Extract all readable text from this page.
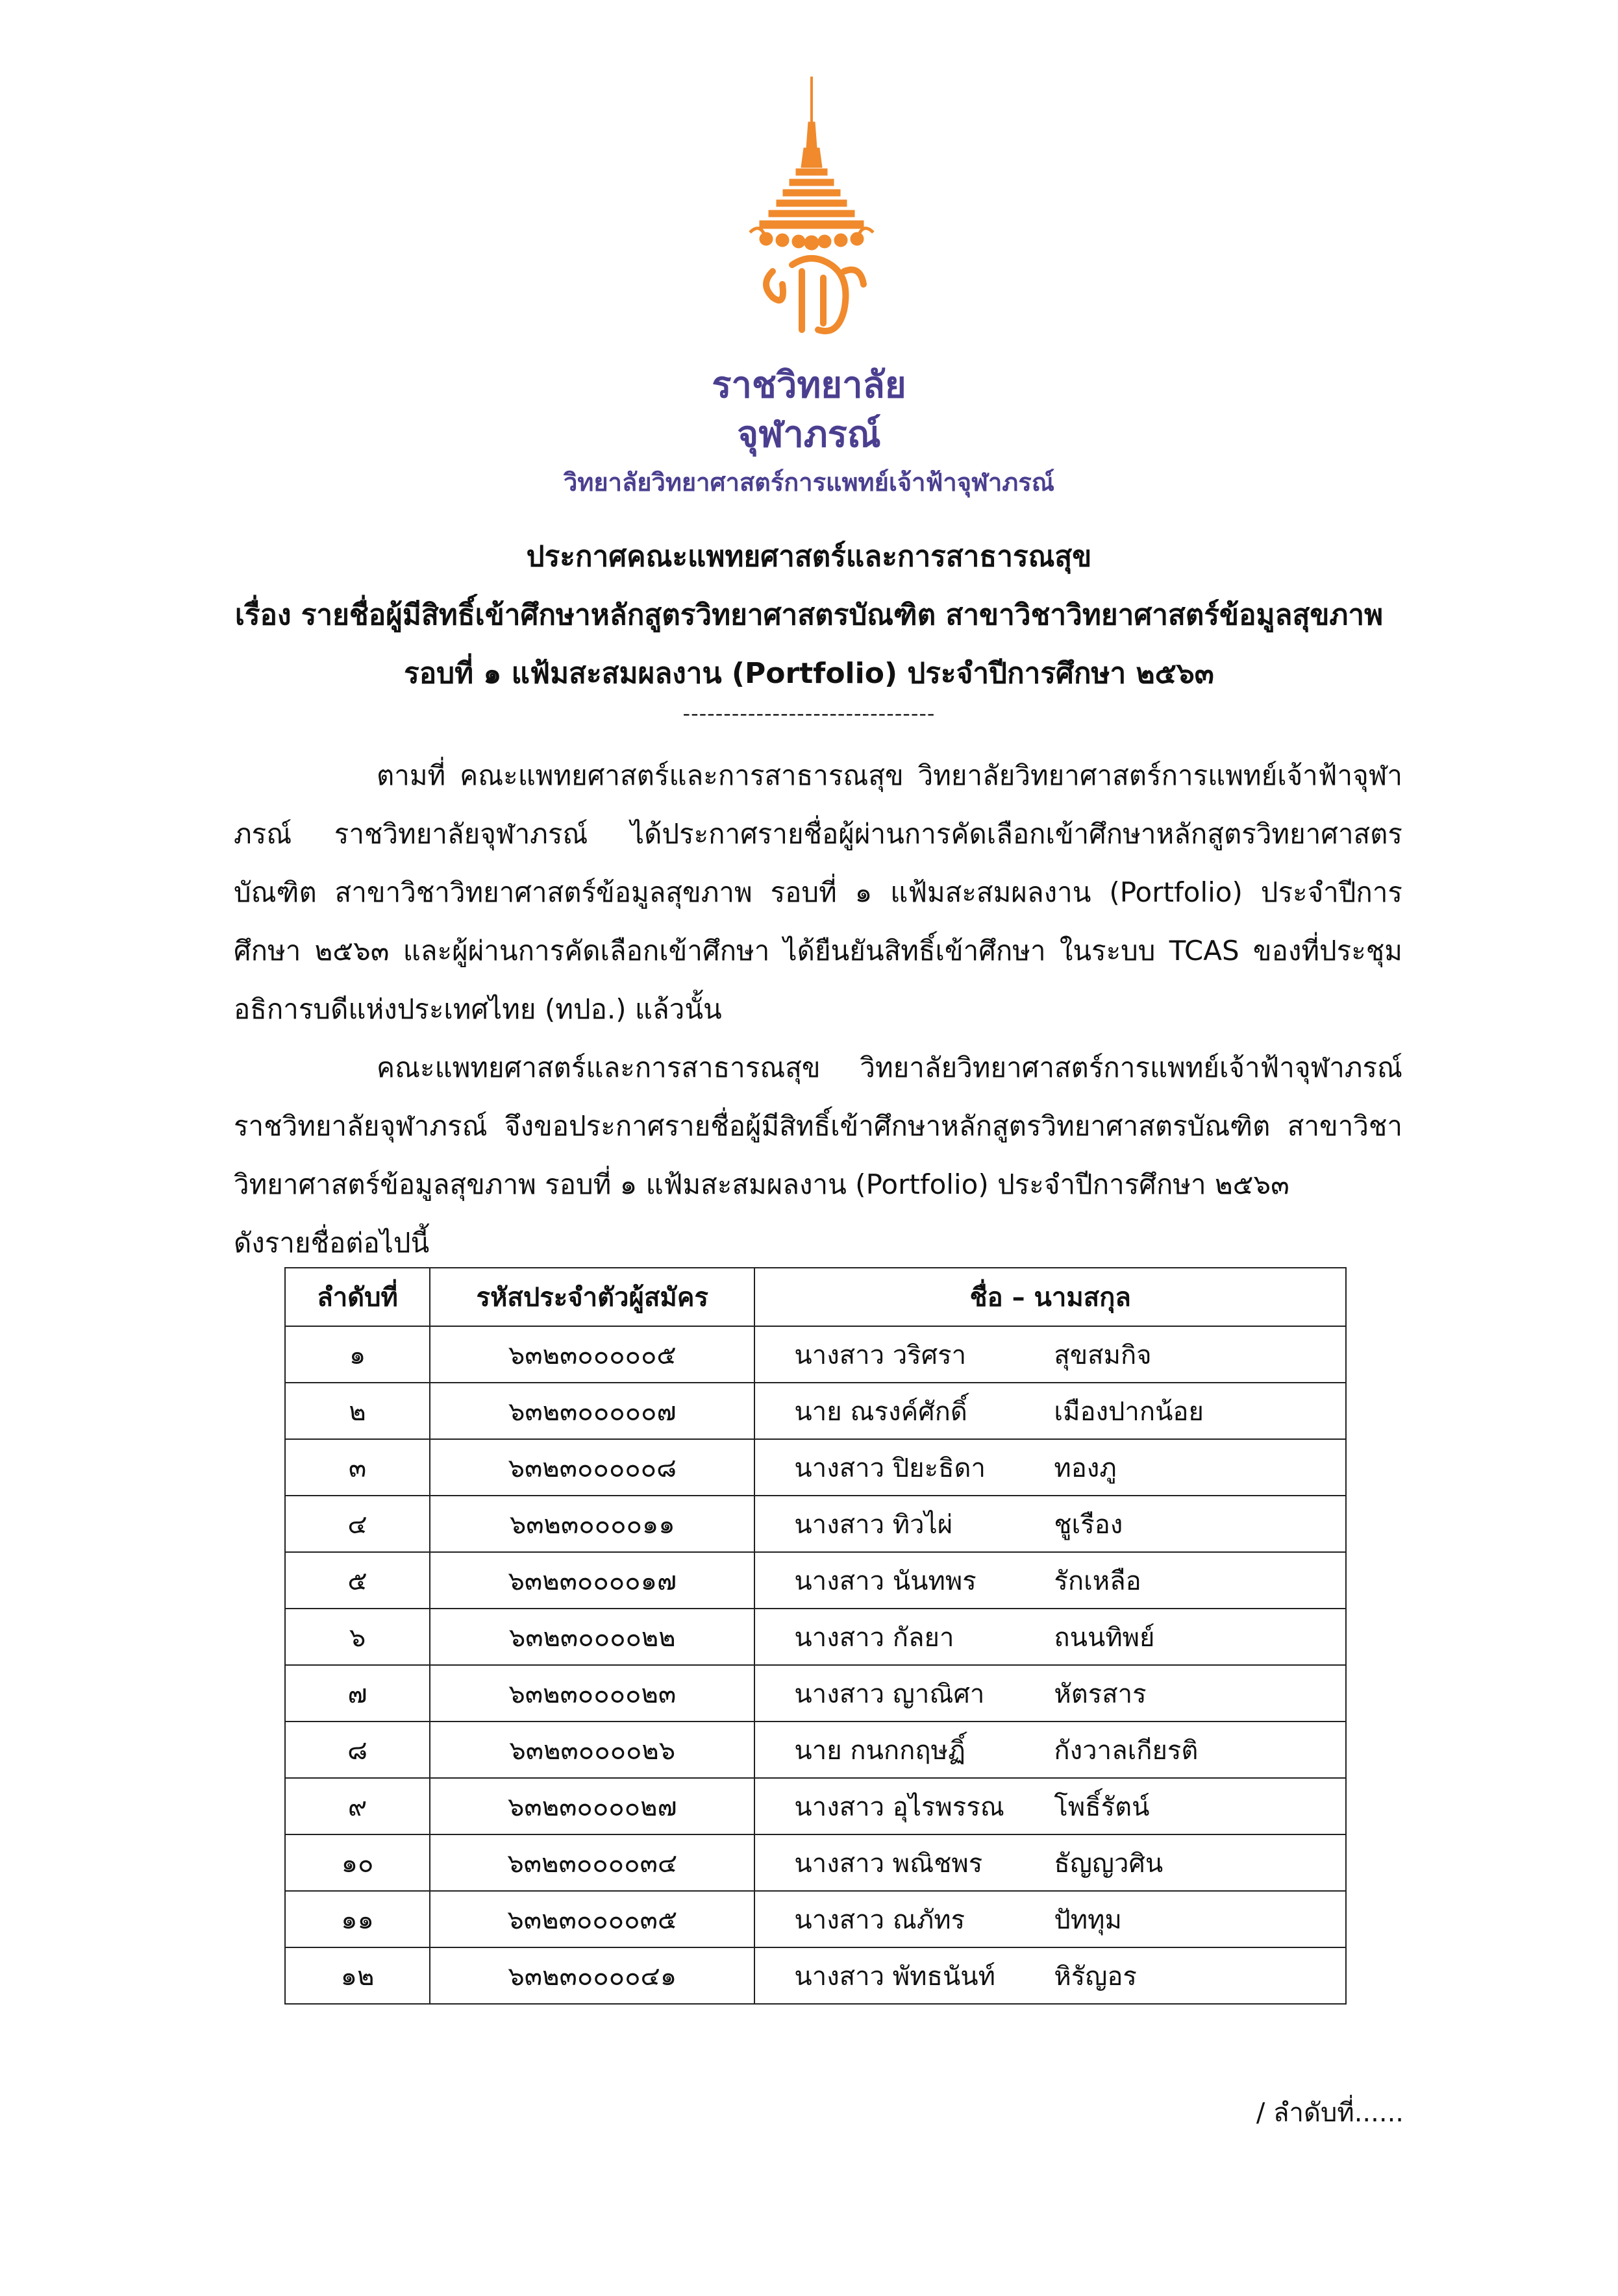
ราชวิทยาลัย
จุฬาภรณ์
วิทยาลัยวิทยาศาสตร์การแพทย์เจ้าฟ้าจุฬาภรณ์
ประกาศคณะแพทยศาสตร์และการสาธารณสุข
เรื่อง รายชื่อผู้มีสิทธิ์เข้าศึกษาหลักสูตรวิทยาศาสตรบัณฑิต สาขาวิชาวิทยาศาสตร์ข้อมูลสุขภาพ
รอบที่ ๑ แฟ้มสะสมผลงาน (Portfolio) ประจำปีการศึกษา ๒๕๖๓
-------------------------------
ตามที่ คณะแพทยศาสตร์และการสาธารณสุข วิทยาลัยวิทยาศาสตร์การแพทย์เจ้าฟ้าจุฬาภรณ์ ราชวิทยาลัยจุฬาภรณ์ ได้ประกาศรายชื่อผู้ผ่านการคัดเลือกเข้าศึกษาหลักสูตรวิทยาศาสตรบัณฑิต สาขาวิชาวิทยาศาสตร์ข้อมูลสุขภาพ รอบที่ ๑ แฟ้มสะสมผลงาน (Portfolio) ประจำปีการศึกษา ๒๕๖๓ และผู้ผ่านการคัดเลือกเข้าศึกษา ได้ยืนยันสิทธิ์เข้าศึกษา ในระบบ TCAS ของที่ประชุมอธิการบดีแห่งประเทศไทย (ทปอ.) แล้วนั้น
คณะแพทยศาสตร์และการสาธารณสุข วิทยาลัยวิทยาศาสตร์การแพทย์เจ้าฟ้าจุฬาภรณ์ ราชวิทยาลัยจุฬาภรณ์ จึงขอประกาศรายชื่อผู้มีสิทธิ์เข้าศึกษาหลักสูตรวิทยาศาสตรบัณฑิต สาขาวิชาวิทยาศาสตร์ข้อมูลสุขภาพ รอบที่ ๑ แฟ้มสะสมผลงาน (Portfolio) ประจำปีการศึกษา ๒๕๖๓
ดังรายชื่อต่อไปนี้
ลำดับที่	รหัสประจำตัวผู้สมัคร	ชื่อ – นามสกุล
๑	๖๓๒๓๐๐๐๐๐๕	นางสาว วริศรา สุขสมกิจ

๒	๖๓๒๓๐๐๐๐๐๗	นาย ณรงค์ศักดิ์ เมืองปากน้อย

๓	๖๓๒๓๐๐๐๐๐๘	นางสาว ปิยะธิดา ทองภู

๔	๖๓๒๓๐๐๐๐๑๑	นางสาว ทิวไผ่ ชูเรือง

๕	๖๓๒๓๐๐๐๐๑๗	นางสาว นันทพร รักเหลือ

๖	๖๓๒๓๐๐๐๐๒๒	นางสาว กัลยา ถนนทิพย์

๗	๖๓๒๓๐๐๐๐๒๓	นางสาว ญาณิศา หัตรสาร

๘	๖๓๒๓๐๐๐๐๒๖	นาย กนกกฤษฏิ์ กังวาลเกียรติ

๙	๖๓๒๓๐๐๐๐๒๗	นางสาว อุไรพรรณ โพธิ์รัตน์

๑๐	๖๓๒๓๐๐๐๐๓๔	นางสาว พณิชพร ธัญญวศิน

๑๑	๖๓๒๓๐๐๐๐๓๕	นางสาว ณภัทร ปัททุม

๑๒	๖๓๒๓๐๐๐๐๔๑	นางสาว พัทธนันท์ หิรัญอร
/ ลำดับที่......
